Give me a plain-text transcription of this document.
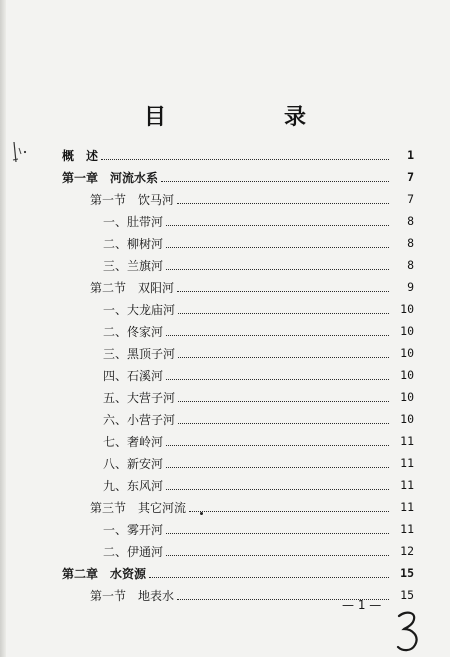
目　录
概　述	1
第一章　河流水系	7
第一节　饮马河	7
一、肚带河	8
二、柳树河	8
三、兰旗河	8
第二节　双阳河	9
一、大龙庙河	10
二、佟家河	10
三、黑顶子河	10
四、石溪河	10
五、大营子河	10
六、小营子河	10
七、奢岭河	11
八、新安河	11
九、东风河	11
第三节　其它河流	11
一、雾开河	11
二、伊通河	12
第二章　水资源	15
第一节　地表水	15
— 1 —
